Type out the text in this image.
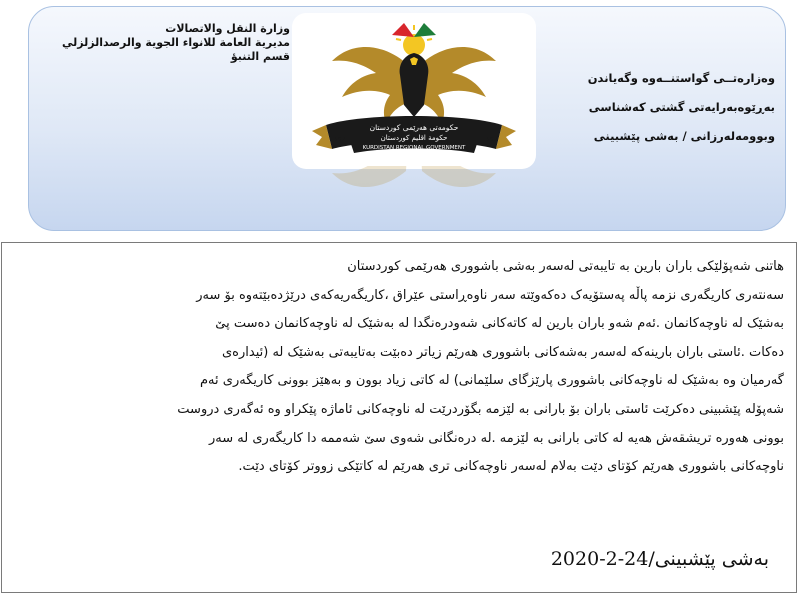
وزارة النقل والاتصالات
مديرية العامة للانواء الجوية والرصدالزلزلي
قسم التنبؤ
حکومەتی هەرێمی کوردستان
حکومة اقلیم کوردستان
KURDISTAN REGIONAL GOVERNMENT
1992	1992
وەزارەتــی گواستنــەوە وگەیاندن
بەڕێوەبەرایەتی گشتی کەشناسی
وبوومەلەرزانی / بەشی پێشبینی
هاتنی شەپۆلێکی باران بارین بە تایبەتی لەسەر بەشی باشووری هەرێمی کوردستان
سەنتەری کاریگەری نزمە پاڵە پەستۆیەک دەکەوێتە سەر ناوەڕاستی عێراق ،کاریگەریەکەی درێژدەبێتەوە بۆ سەر
بەشێک لە ناوچەکانمان .ئەم شەو باران بارین لە کاتەکانی شەودرەنگدا لە بەشێک لە ناوچەکانمان دەست پێ
دەکات .ئاستی باران بارینەکە لەسەر بەشەکانی باشووری هەرێم زیاتر دەبێت بەتایبەتی بەشێک لە (ئیدارەی
گەرمیان وە بەشێک لە ناوچەکانی باشووری پارێزگای سلێمانی) لە کاتی زیاد بوون و بەهێز بوونی کاریگەری ئەم
شەپۆلە پێشبینی دەکرێت ئاستی باران بۆ بارانی بە لێزمە بگۆردرێت لە ناوچەکانی ئاماژە پێکراو وە ئەگەری دروست
بوونی هەورە تریشقەش هەیە لە کاتی بارانی بە لێزمە .لە درەنگانی شەوی سێ شەممە دا کاریگەری لە سەر
ناوچەکانی باشووری هەرێم کۆتای دێت بەلام لەسەر ناوچەکانی تری هەرێم لە کاتێکی زووتر کۆتای دێت.
بەشی پێشبینی/24-2-2020
